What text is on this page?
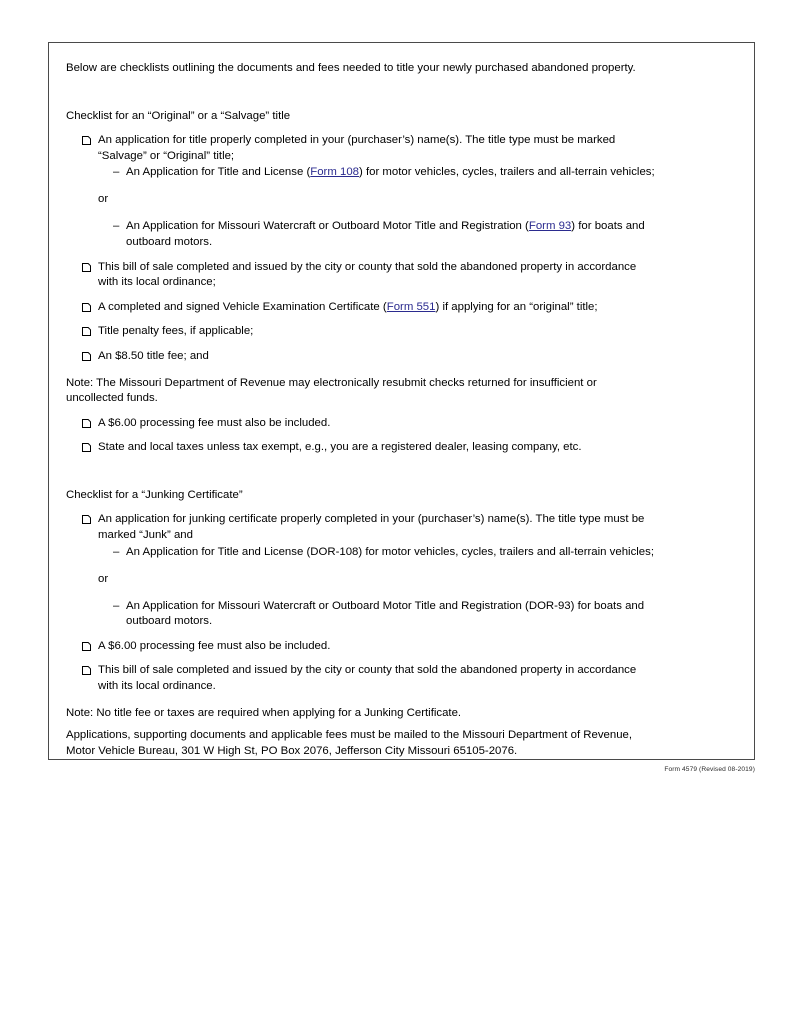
Below are checklists outlining the documents and fees needed to title your newly purchased abandoned property.

Checklist for an “Original” or a “Salvage” title

An application for title properly completed in your (purchaser’s) name(s). The title type must be marked
“Salvage” or “Original” title;
– An Application for Title and License (Form 108) for motor vehicles, cycles, trailers and all-terrain vehicles;

or

– An Application for Missouri Watercraft or Outboard Motor Title and Registration (Form 93) for boats and
outboard motors.
This bill of sale completed and issued by the city or county that sold the abandoned property in accordance
with its local ordinance;
A completed and signed Vehicle Examination Certificate (Form 551) if applying for an “original” title;
Title penalty fees, if applicable;
An $8.50 title fee; and

Note: The Missouri Department of Revenue may electronically resubmit checks returned for insufficient or
uncollected funds.

A $6.00 processing fee must also be included.
State and local taxes unless tax exempt, e.g., you are a registered dealer, leasing company, etc.

Checklist for a “Junking Certificate”

An application for junking certificate properly completed in your (purchaser’s) name(s). The title type must be
marked “Junk” and
– An Application for Title and License (DOR-108) for motor vehicles, cycles, trailers and all-terrain vehicles;

or

– An Application for Missouri Watercraft or Outboard Motor Title and Registration (DOR-93) for boats and
outboard motors.
A $6.00 processing fee must also be included.
This bill of sale completed and issued by the city or county that sold the abandoned property in accordance
with its local ordinance.

Note: No title fee or taxes are required when applying for a Junking Certificate.

Applications, supporting documents and applicable fees must be mailed to the Missouri Department of Revenue,
Motor Vehicle Bureau, 301 W High St, PO Box 2076, Jefferson City Missouri 65105-2076.

Form 4579 (Revised 08-2019)
